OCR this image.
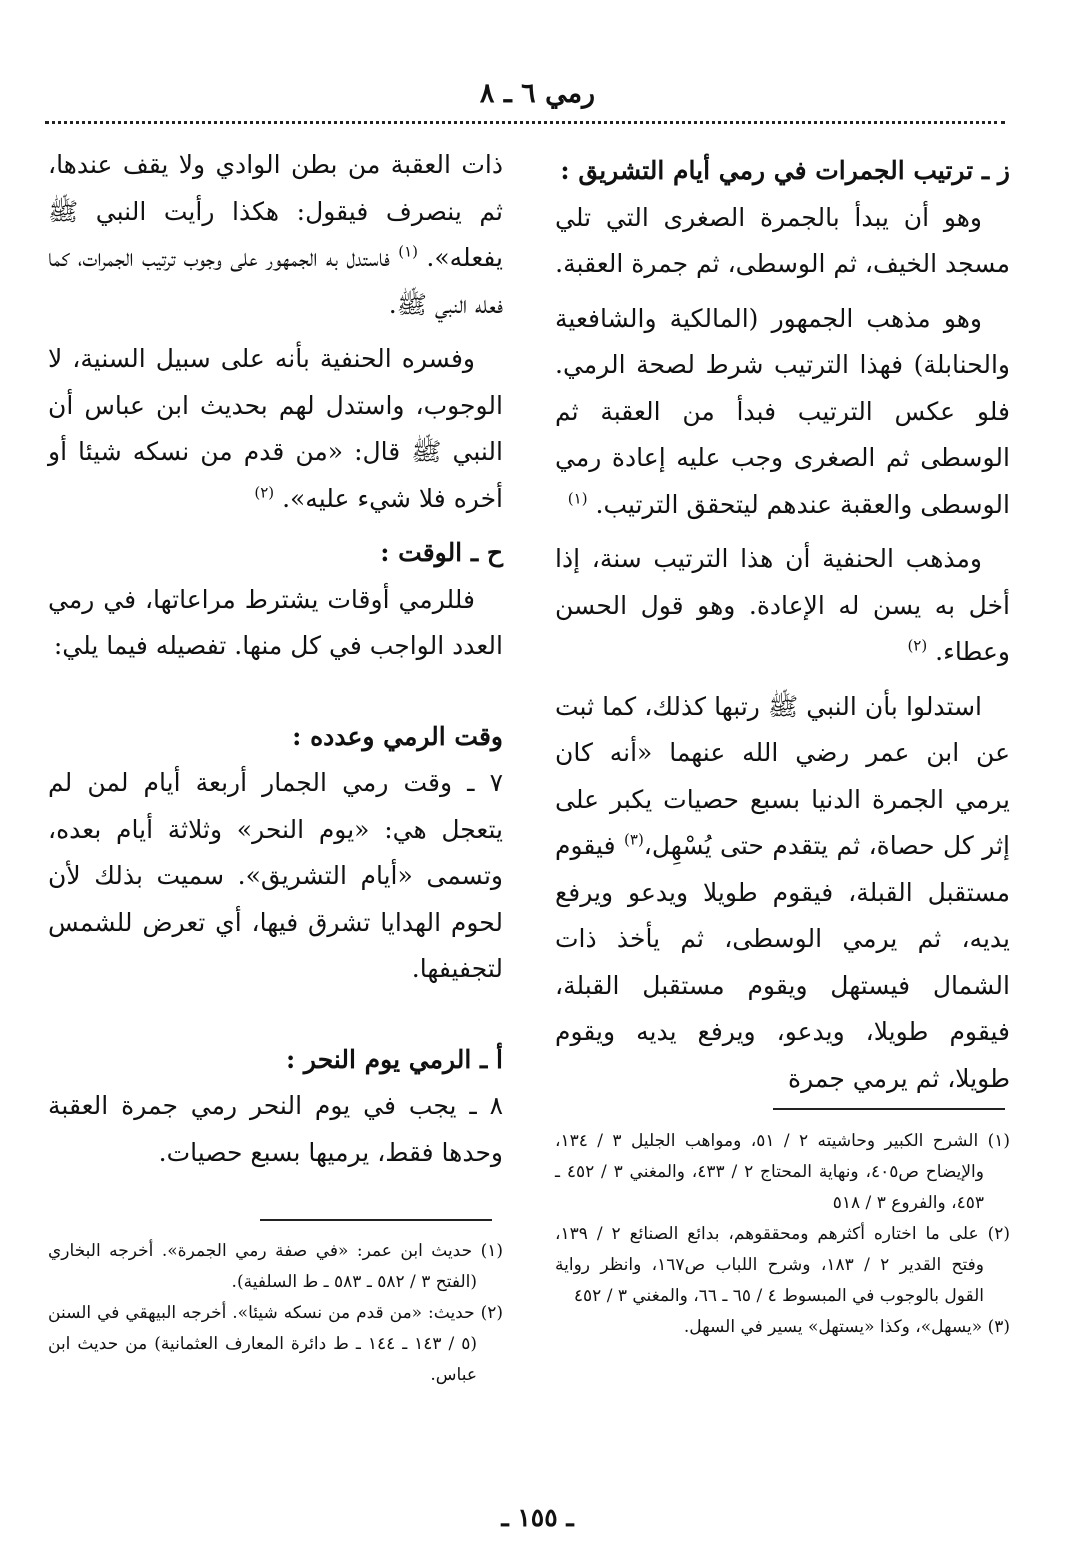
رمي ٦ ـ ٨

ز ـ ترتيب الجمرات في رمي أيام التشريق :

وهو أن يبدأ بالجمرة الصغرى التي تلي مسجد الخيف، ثم الوسطى، ثم جمرة العقبة.

وهو مذهب الجمهور (المالكية والشافعية والحنابلة) فهذا الترتيب شرط لصحة الرمي. فلو عكس الترتيب فبدأ من العقبة ثم الوسطى ثم الصغرى وجب عليه إعادة رمي الوسطى والعقبة عندهم ليتحقق الترتيب. $^{(١)}$

ومذهب الحنفية أن هذا الترتيب سنة، إذا أخل به يسن له الإعادة. وهو قول الحسن وعطاء. $^{(٢)}$

استدلوا بأن النبي ﷺ رتبها كذلك، كما ثبت عن ابن عمر رضي الله عنهما «أنه كان يرمي الجمرة الدنيا بسبع حصيات يكبر على إثر كل حصاة، ثم يتقدم حتى يُسْهِل،$^{(٣)}$ فيقوم مستقبل القبلة، فيقوم طويلا ويدعو ويرفع يديه، ثم يرمي الوسطى، ثم يأخذ ذات الشمال فيستهل ويقوم مستقبل القبلة، فيقوم طويلا، ويدعو، ويرفع يديه ويقوم طويلا، ثم يرمي جمرة

(١) الشرح الكبير وحاشيته ٢ / ٥١، ومواهب الجليل ٣ / ١٣٤، والإيضاح ص٤٠٥، ونهاية المحتاج ٢ / ٤٣٣، والمغني ٣ / ٤٥٢ ـ ٤٥٣، والفروع ٣ / ٥١٨

(٢) على ما اختاره أكثرهم ومحققوهم، بدائع الصنائع ٢ / ١٣٩، وفتح القدير ٢ / ١٨٣، وشرح اللباب ص١٦٧، وانظر رواية القول بالوجوب في المبسوط ٤ / ٦٥ ـ ٦٦، والمغني ٣ / ٤٥٢

(٣) «يسهل»، وكذا «يستهل» يسير في السهل.

ذات العقبة من بطن الوادي ولا يقف عندها، ثم ينصرف فيقول: هكذا رأيت النبي ﷺ يفعله». $^{(١)}$ فاستدل به الجمهور على وجوب ترتيب الجمرات، كما فعله النبي ﷺ.

وفسره الحنفية بأنه على سبيل السنية، لا الوجوب، واستدل لهم بحديث ابن عباس أن النبي ﷺ قال: «من قدم من نسكه شيئا أو أخره فلا شيء عليه». $^{(٢)}$

ح ـ الوقت :

فللرمي أوقات يشترط مراعاتها، في رمي العدد الواجب في كل منها. تفصيله فيما يلي:

وقت الرمي وعدده :

٧ ـ وقت رمي الجمار أربعة أيام لمن لم يتعجل هي: «يوم النحر» وثلاثة أيام بعده، وتسمى «أيام التشريق». سميت بذلك لأن لحوم الهدايا تشرق فيها، أي تعرض للشمس لتجفيفها.

أ ـ الرمي يوم النحر :

٨ ـ يجب في يوم النحر رمي جمرة العقبة وحدها فقط، يرميها بسبع حصيات.

(١) حديث ابن عمر: «في صفة رمي الجمرة». أخرجه البخاري (الفتح ٣ / ٥٨٢ ـ ٥٨٣ ـ ط السلفية).

(٢) حديث: «من قدم من نسكه شيئا». أخرجه البيهقي في السنن (٥ / ١٤٣ ـ ١٤٤ ـ ط دائرة المعارف العثمانية) من حديث ابن عباس.

ـ ١٥٥ ـ
